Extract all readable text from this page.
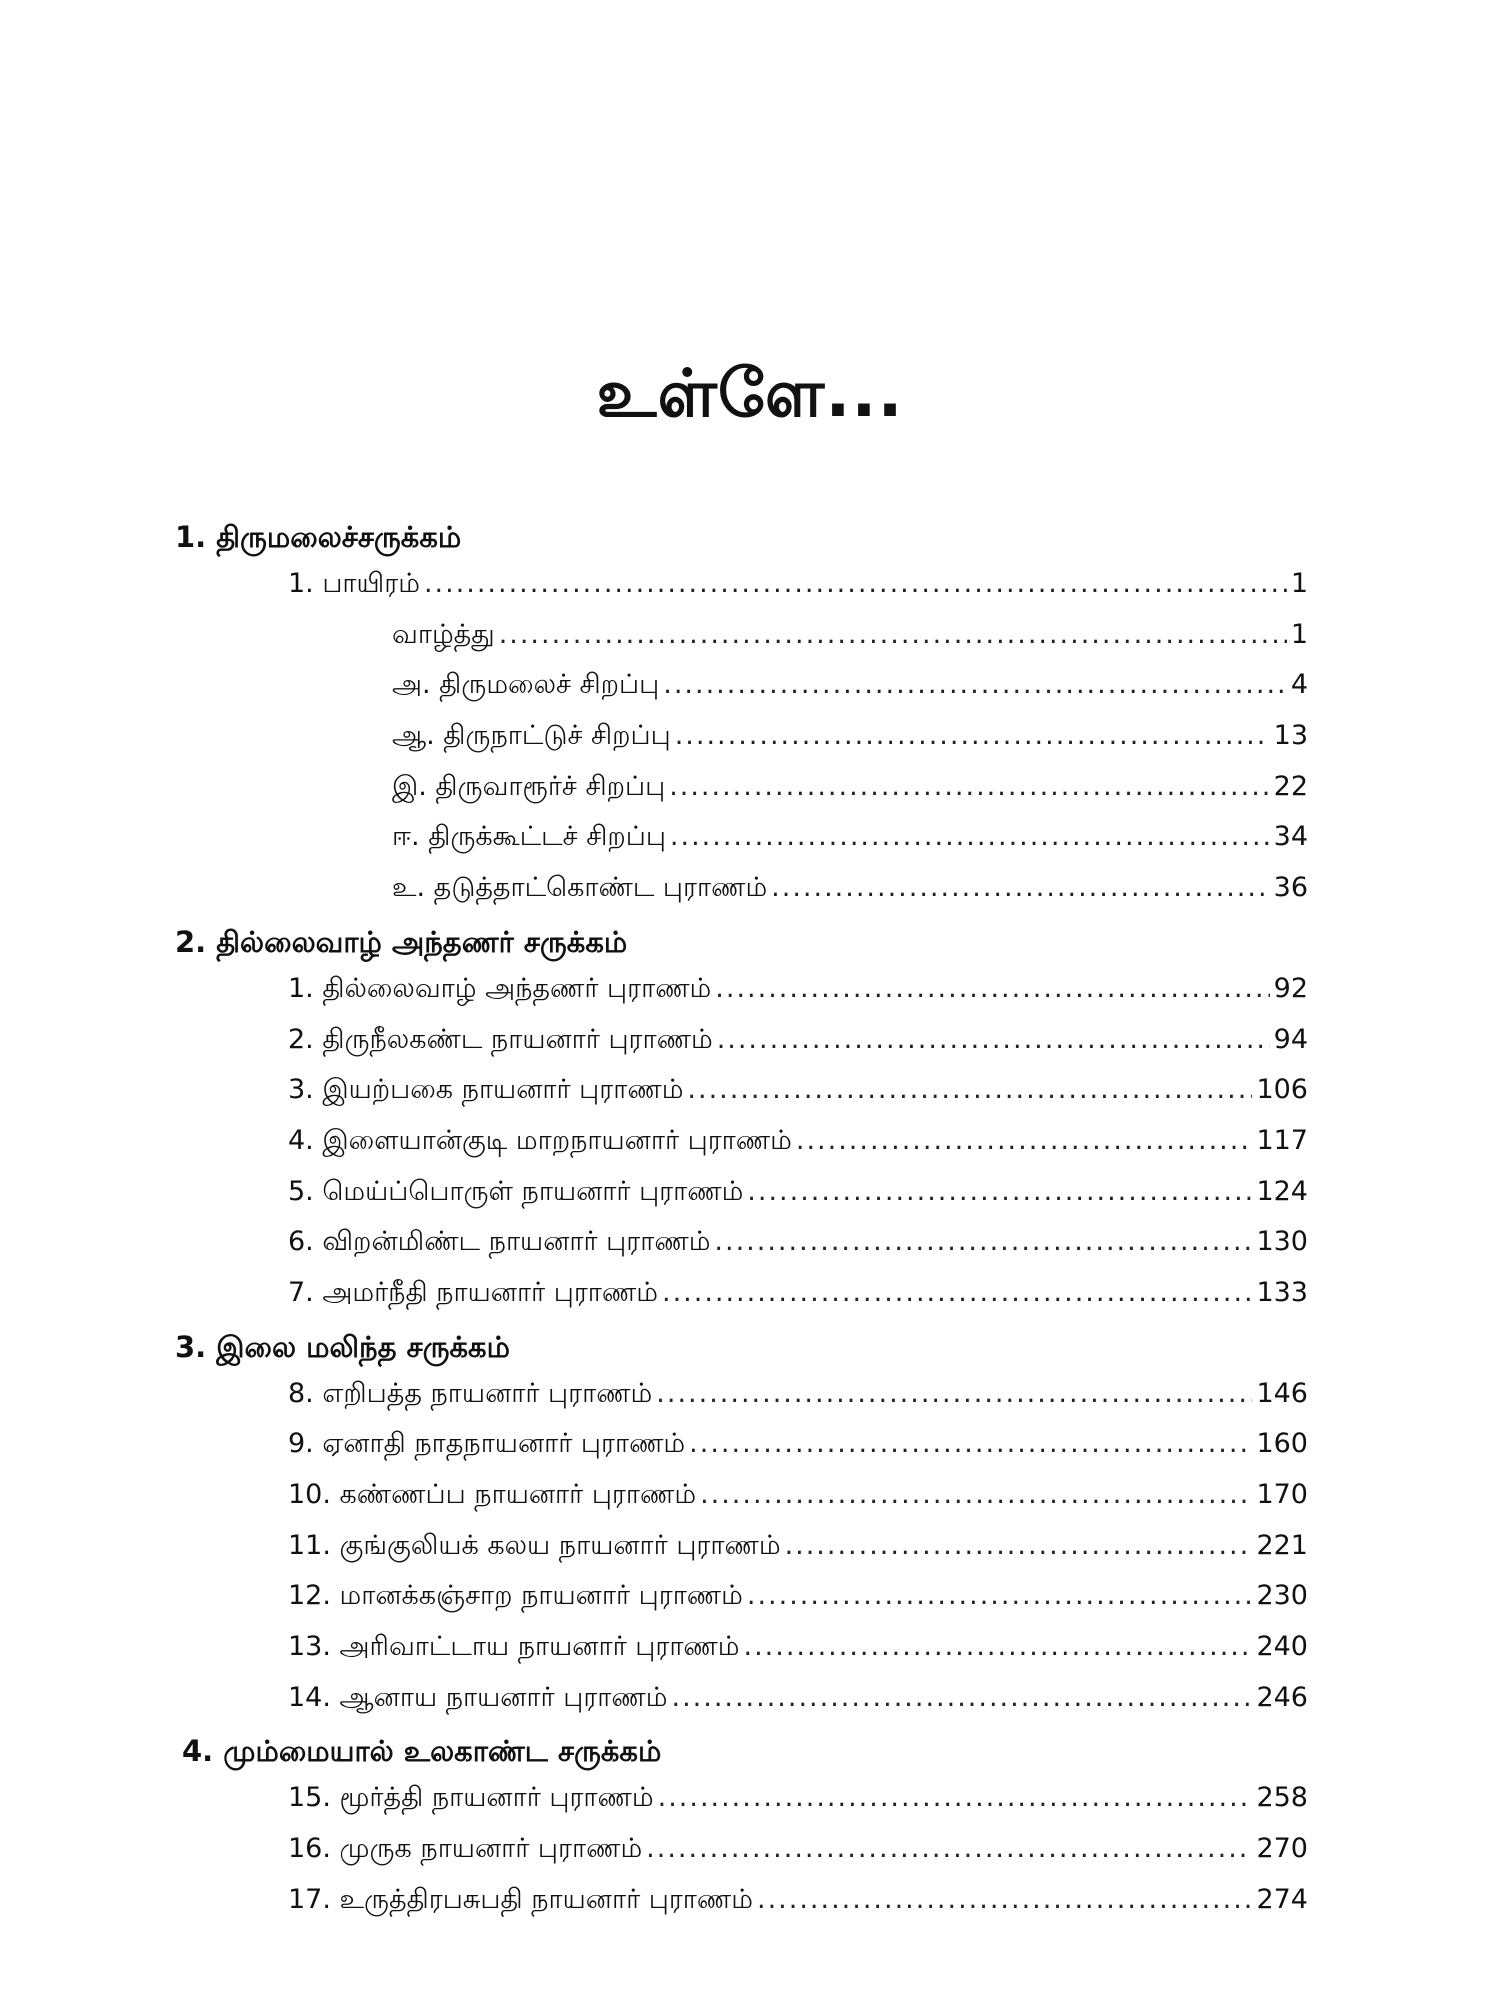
உள்ளே...
1. திருமலைச்சருக்கம்
1. பாயிரம் .....	1
வாழ்த்து .....	1
அ. திருமலைச் சிறப்பு .....	4
ஆ. திருநாட்டுச் சிறப்பு .....	13
இ. திருவாரூர்ச் சிறப்பு .....	22
ஈ. திருக்கூட்டச் சிறப்பு .....	34
உ. தடுத்தாட்கொண்ட புராணம் .....	36
2. தில்லைவாழ் அந்தணர் சருக்கம்
1. தில்லைவாழ் அந்தணர் புராணம் .....	92
2. திருநீலகண்ட நாயனார் புராணம் .....	94
3. இயற்பகை நாயனார் புராணம் .....	106
4. இளையான்குடி மாறநாயனார் புராணம் .....	117
5. மெய்ப்பொருள் நாயனார் புராணம் .....	124
6. விறன்மிண்ட நாயனார் புராணம் .....	130
7. அமர்நீதி நாயனார் புராணம் .....	133
3. இலை மலிந்த சருக்கம்
8. எறிபத்த நாயனார் புராணம் .....	146
9. ஏனாதி நாதநாயனார் புராணம் .....	160
10. கண்ணப்ப நாயனார் புராணம் .....	170
11. குங்குலியக் கலய நாயனார் புராணம் .....	221
12. மானக்கஞ்சாற நாயனார் புராணம் .....	230
13. அரிவாட்டாய நாயனார் புராணம் .....	240
14. ஆனாய நாயனார் புராணம் .....	246
4. மும்மையால் உலகாண்ட சருக்கம்
15. மூர்த்தி நாயனார் புராணம் .....	258
16. முருக நாயனார் புராணம் .....	270
17. உருத்திரபசுபதி நாயனார் புராணம் .....	274
